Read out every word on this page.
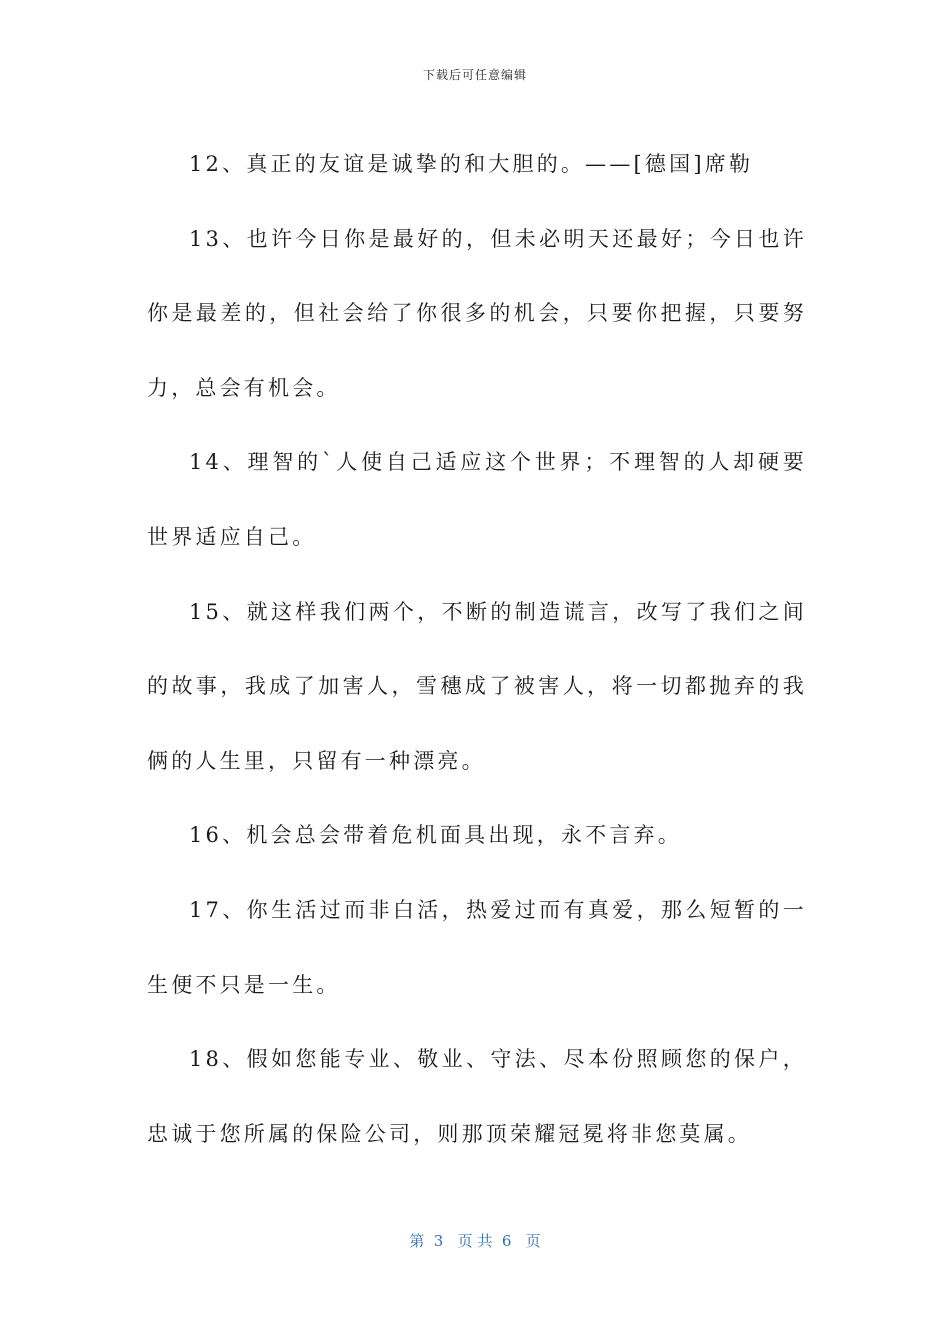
下载后可任意编辑

12、真正的友谊是诚挚的和大胆的。——[德国]席勒

13、也许今日你是最好的，但未必明天还最好；今日也许你是最差的，但社会给了你很多的机会，只要你把握，只要努力，总会有机会。

14、理智的`人使自己适应这个世界；不理智的人却硬要世界适应自己。

15、就这样我们两个，不断的制造谎言，改写了我们之间的故事，我成了加害人，雪穗成了被害人，将一切都抛弃的我俩的人生里，只留有一种漂亮。

16、机会总会带着危机面具出现，永不言弃。

17、你生活过而非白活，热爱过而有真爱，那么短暂的一生便不只是一生。

18、假如您能专业、敬业、守法、尽本份照顾您的保户，忠诚于您所属的保险公司，则那顶荣耀冠冕将非您莫属。

第  3   页 共  6   页
